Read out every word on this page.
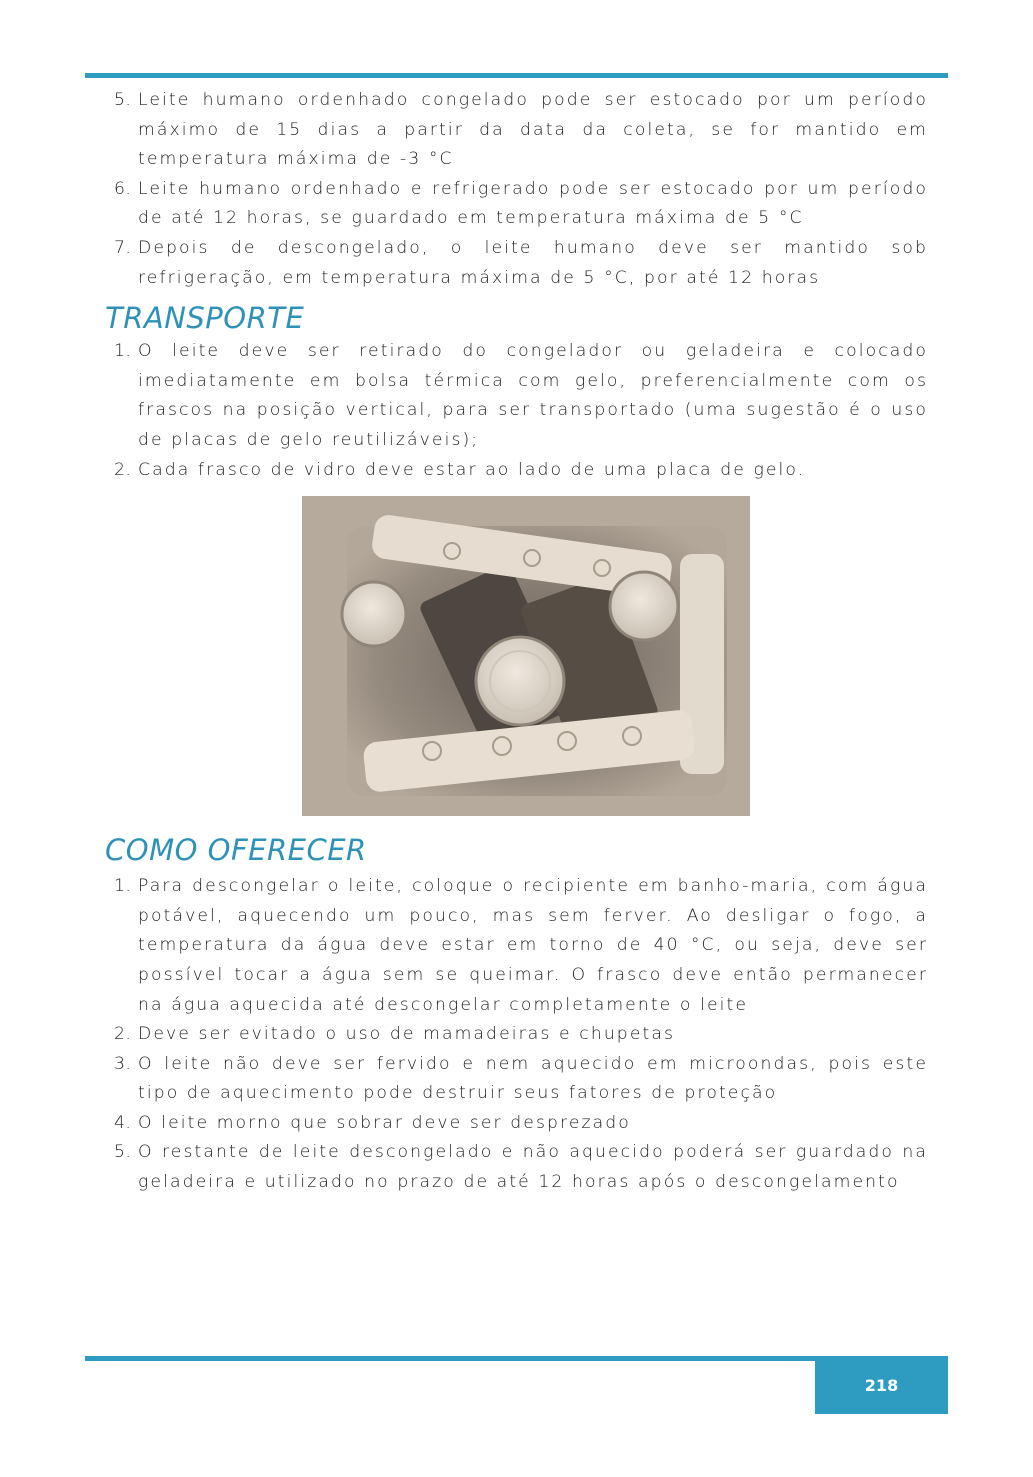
5. Leite humano ordenhado congelado pode ser estocado por um período máximo de 15 dias a partir da data da coleta, se for mantido em temperatura máxima de -3 °C
6. Leite humano ordenhado e refrigerado pode ser estocado por um período de até 12 horas, se guardado em temperatura máxima de 5 °C
7. Depois de descongelado, o leite humano deve ser mantido sob refrigeração, em temperatura máxima de 5 °C, por até 12 horas
TRANSPORTE
1. O leite deve ser retirado do congelador ou geladeira e colocado imediatamente em bolsa térmica com gelo, preferencialmente com os frascos na posição vertical, para ser transportado (uma sugestão é o uso de placas de gelo reutilizáveis);
2. Cada frasco de vidro deve estar ao lado de uma placa de gelo.
COMO OFERECER
1. Para descongelar o leite, coloque o recipiente em banho-maria, com água potável, aquecendo um pouco, mas sem ferver. Ao desligar o fogo, a temperatura da água deve estar em torno de 40 °C, ou seja, deve ser possível tocar a água sem se queimar. O frasco deve então permanecer na água aquecida até descongelar completamente o leite
2. Deve ser evitado o uso de mamadeiras e chupetas
3. O leite não deve ser fervido e nem aquecido em microondas, pois este tipo de aquecimento pode destruir seus fatores de proteção
4. O leite morno que sobrar deve ser desprezado
5. O restante de leite descongelado e não aquecido poderá ser guardado na geladeira e utilizado no prazo de até 12 horas após o descongelamento
218
